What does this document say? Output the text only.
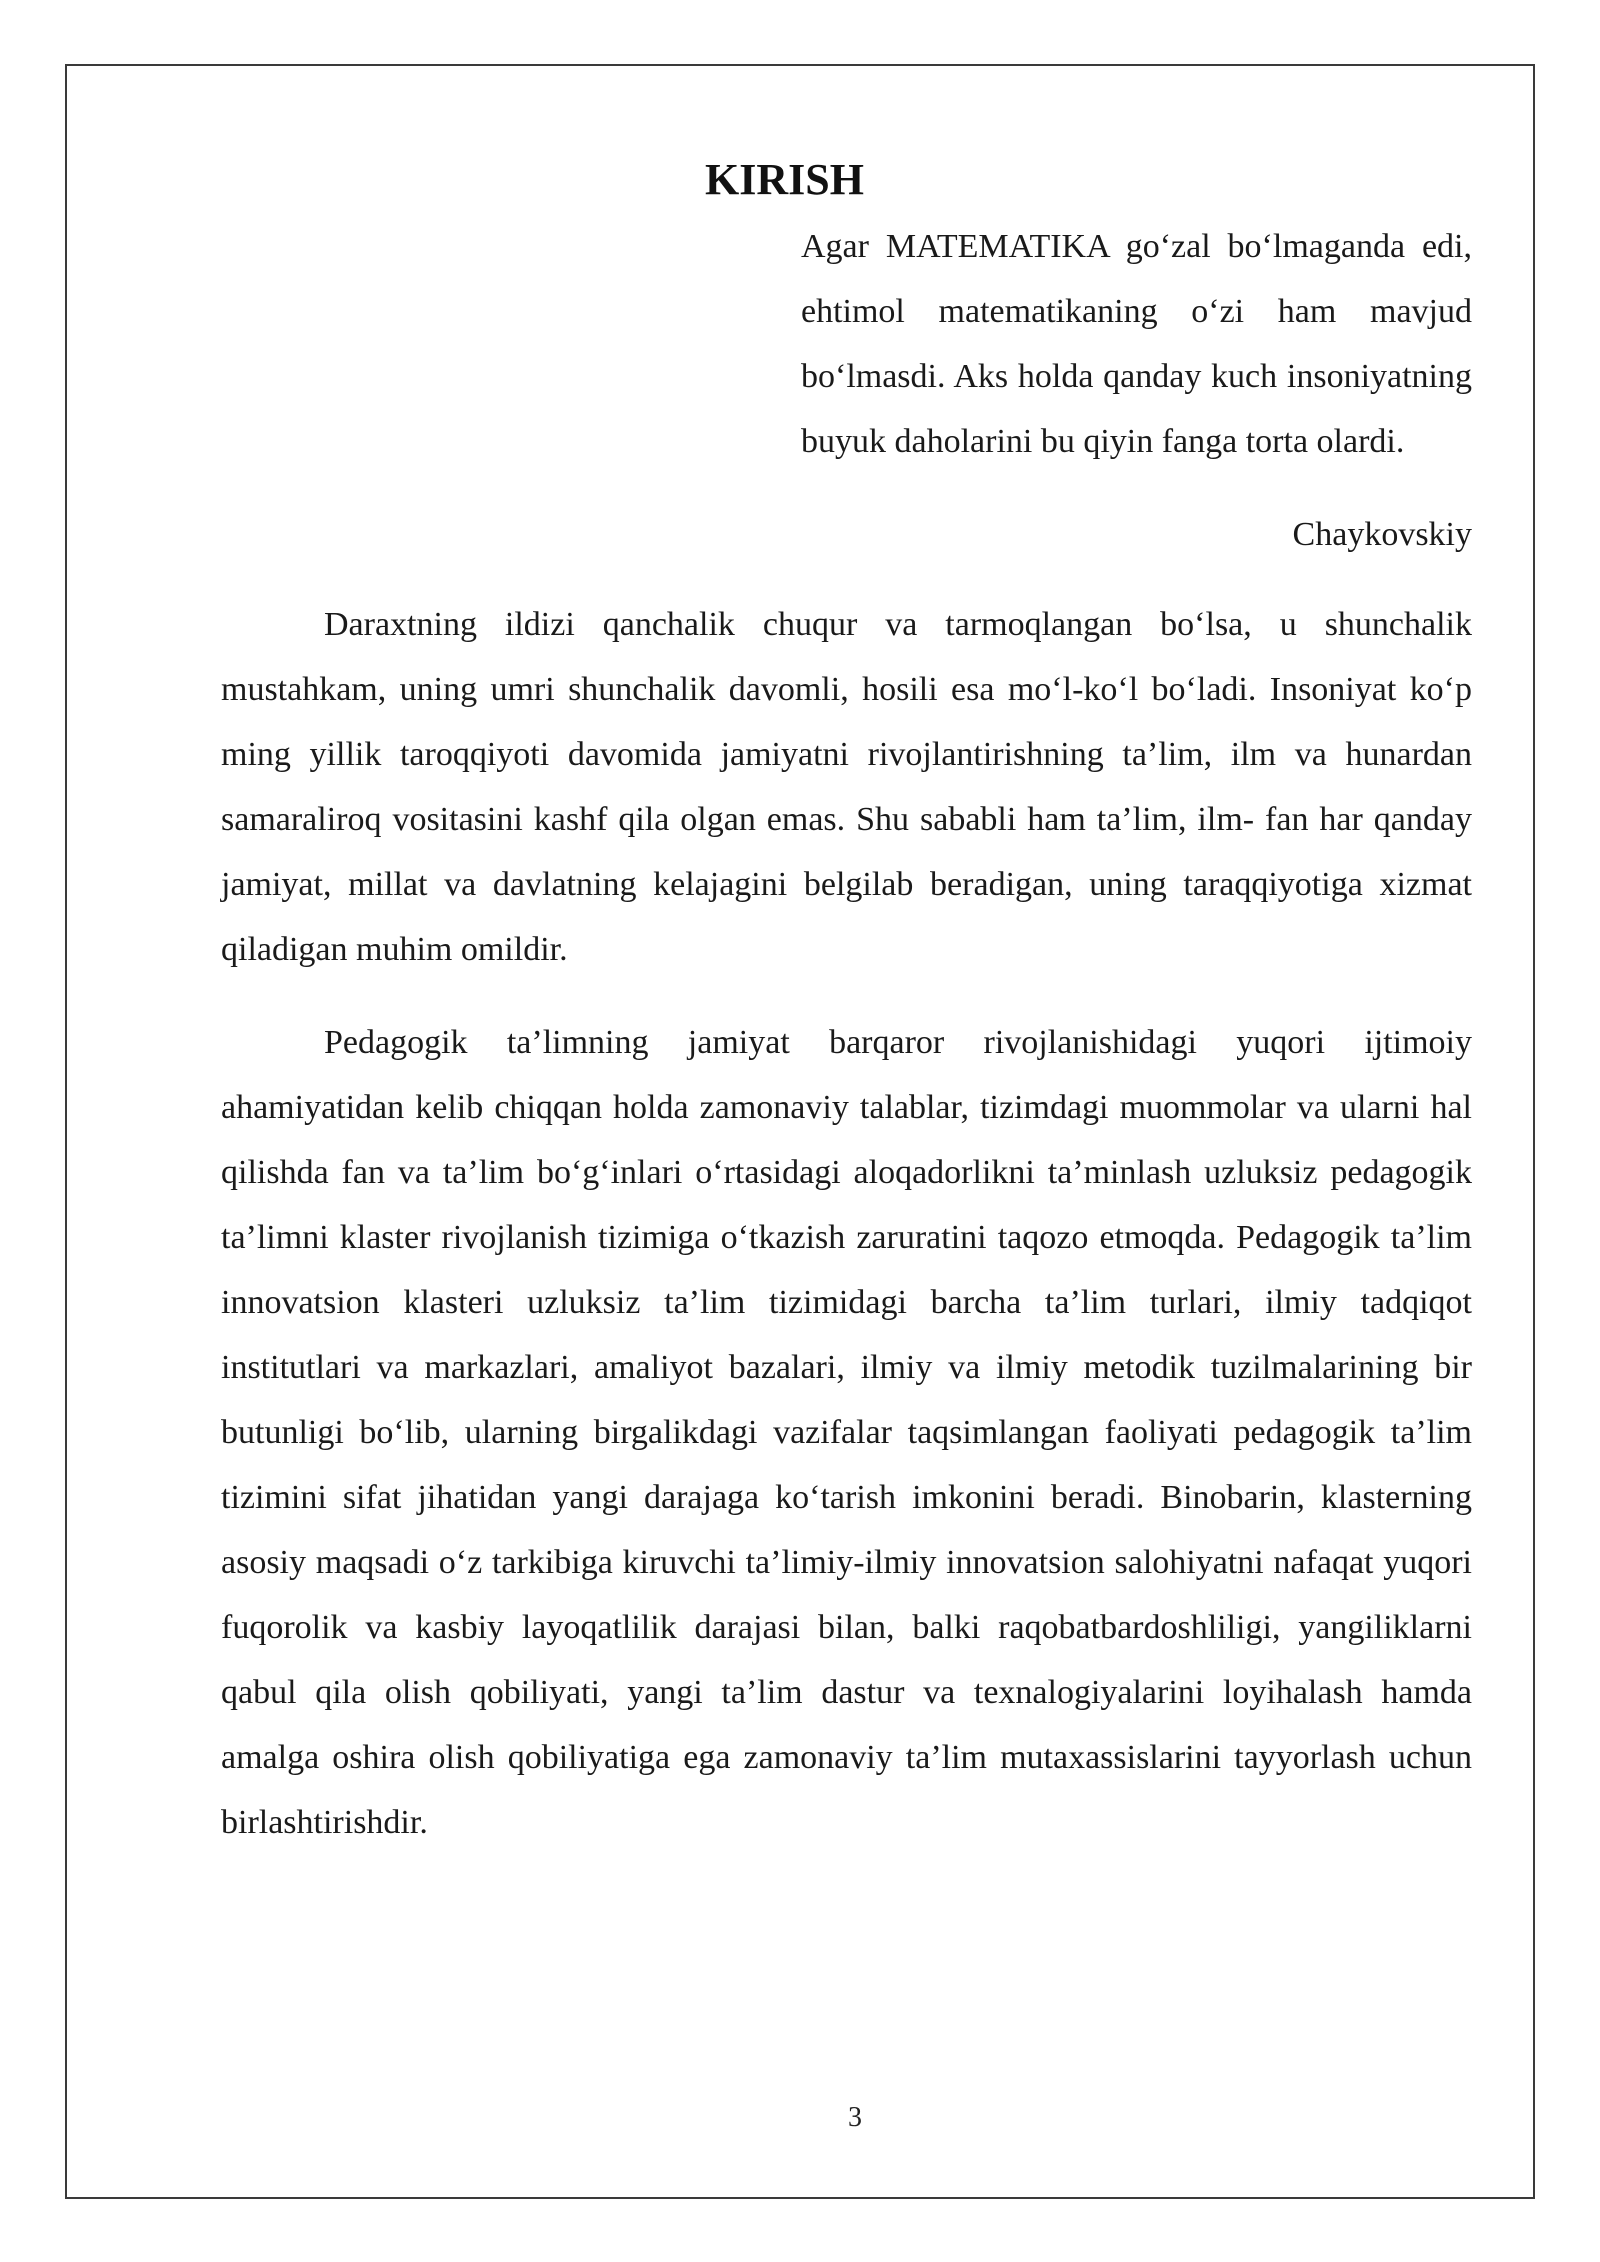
KIRISH
Agar MATEMATIKA go‘zal bo‘lmaganda edi, ehtimol matematikaning o‘zi ham mavjud bo‘lmasdi. Aks holda qanday kuch insoniyatning buyuk daholarini bu qiyin fanga torta olardi.
Chaykovskiy

Daraxtning ildizi qanchalik chuqur va tarmoqlangan bo‘lsa, u shunchalik mustahkam, uning umri shunchalik davomli, hosili esa mo‘l-ko‘l bo‘ladi. Insoniyat ko‘p ming yillik taroqqiyoti davomida jamiyatni rivojlantirishning ta’lim, ilm va hunardan samaraliroq vositasini kashf qila olgan emas. Shu sababli ham ta’lim, ilm- fan har qanday jamiyat, millat va davlatning kelajagini belgilab beradigan, uning taraqqiyotiga xizmat qiladigan muhim omildir.

Pedagogik ta’limning jamiyat barqaror rivojlanishidagi yuqori ijtimoiy ahamiyatidan kelib chiqqan holda zamonaviy talablar, tizimdagi muommolar va ularni hal qilishda fan va ta’lim bo‘g‘inlari o‘rtasidagi aloqadorlikni ta’minlash uzluksiz pedagogik ta’limni klaster rivojlanish tizimiga o‘tkazish zaruratini taqozo etmoqda. Pedagogik ta’lim innovatsion klasteri uzluksiz ta’lim tizimidagi barcha ta’lim turlari, ilmiy tadqiqot institutlari va markazlari, amaliyot bazalari, ilmiy va ilmiy metodik tuzilmalarining bir butunligi bo‘lib, ularning birgalikdagi vazifalar taqsimlangan faoliyati pedagogik ta’lim tizimini sifat jihatidan yangi darajaga ko‘tarish imkonini beradi. Binobarin, klasterning asosiy maqsadi o‘z tarkibiga kiruvchi ta’limiy-ilmiy innovatsion salohiyatni nafaqat yuqori fuqorolik va kasbiy layoqatlilik darajasi bilan, balki raqobatbardoshliligi, yangiliklarni qabul qila olish qobiliyati, yangi ta’lim dastur va texnalogiyalarini loyihalash hamda amalga oshira olish qobiliyatiga ega zamonaviy ta’lim mutaxassislarini tayyorlash uchun birlashtirishdir.

3
